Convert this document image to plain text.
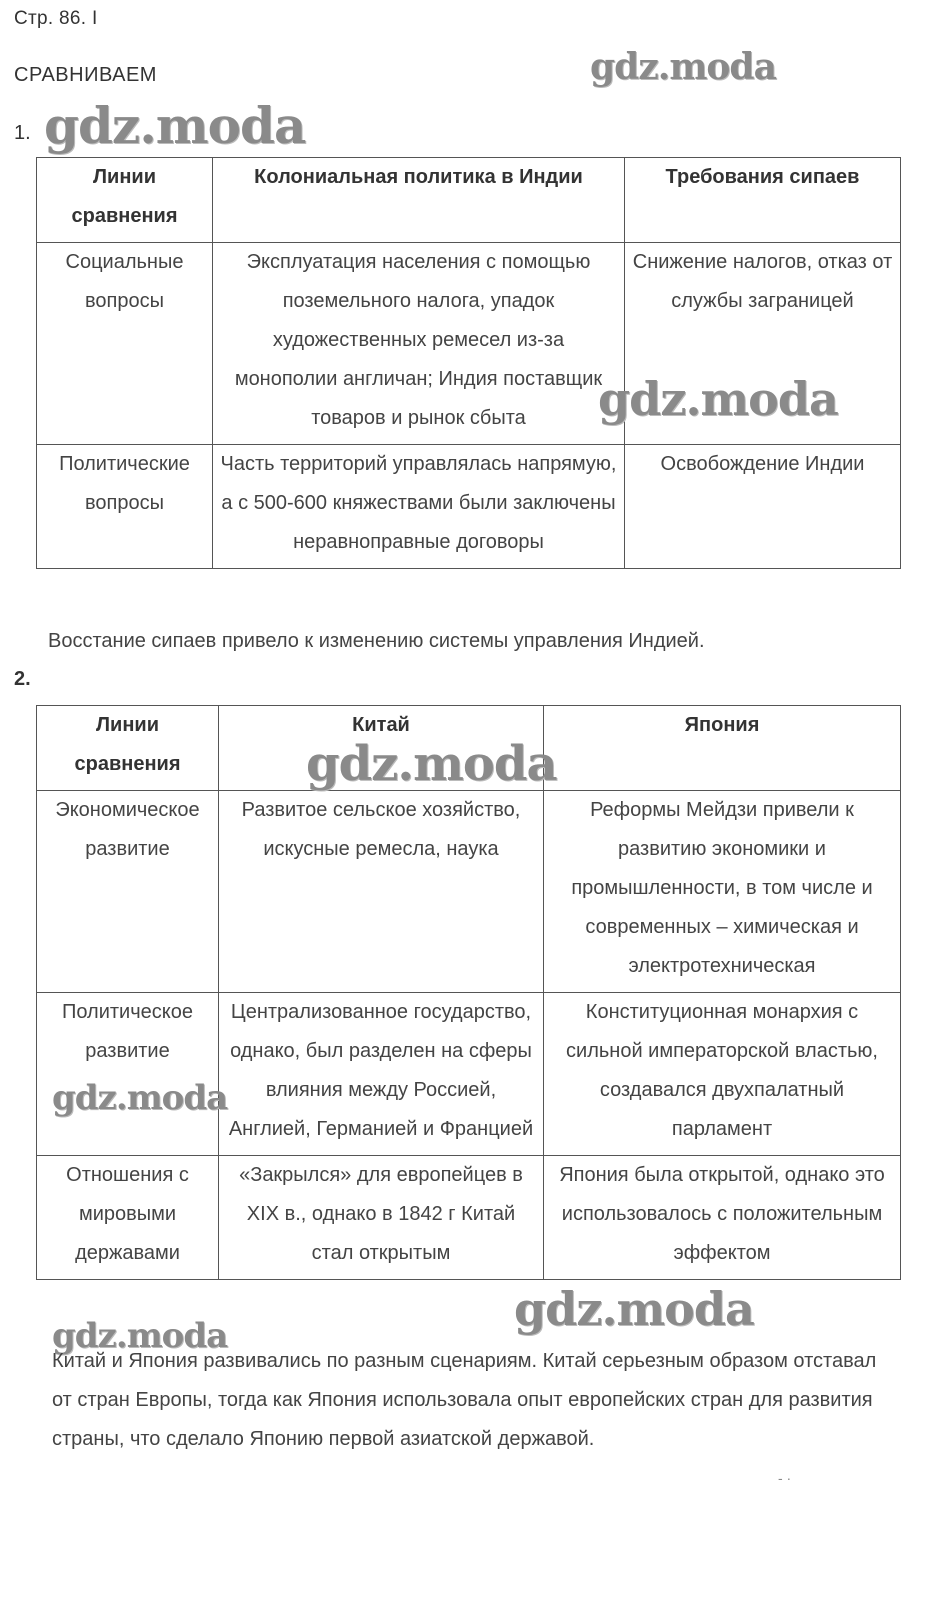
Стр. 86. I
СРАВНИВАЕМ	gdz.moda
1. gdz.moda
Линии сравнения	Колониальная политика в Индии	Требования сипаев
Социальные вопросы	Эксплуатация населения с помощью поземельного налога, упадок художественных ремесел из-за монополии англичан; Индия поставщик товаров и рынок сбыта	Снижение налогов, отказ от службы заграницей
Политические вопросы	Часть территорий управлялась напрямую, а с 500-600 княжествами были заключены неравноправные договоры	Освобождение Индии
gdz.moda
Восстание сипаев привело к изменению системы управления Индией.
2.
Линии сравнения	Китай	Япония
Экономическое развитие	Развитое сельское хозяйство, искусные ремесла, наука	Реформы Мейдзи привели к развитию экономики и промышленности, в том числе и современных – химическая и электротехническая
Политическое развитие	Централизованное государство, однако, был разделен на сферы влияния между Россией, Англией, Германией и Францией	Конституционная монархия с сильной императорской властью, создавался двухпалатный парламент
Отношения с мировыми державами	«Закрылся» для европейцев в XIX в., однако в 1842 г Китай стал открытым	Япония была открытой, однако это использовалось с положительным эффектом
gdz.moda
gdz.moda
gdz.moda
gdz.moda
Китай и Япония развивались по разным сценариям. Китай серьезным образом отставал от стран Европы, тогда как Япония использовала опыт европейских стран для развития страны, что сделало Японию первой азиатской державой.
- ·
